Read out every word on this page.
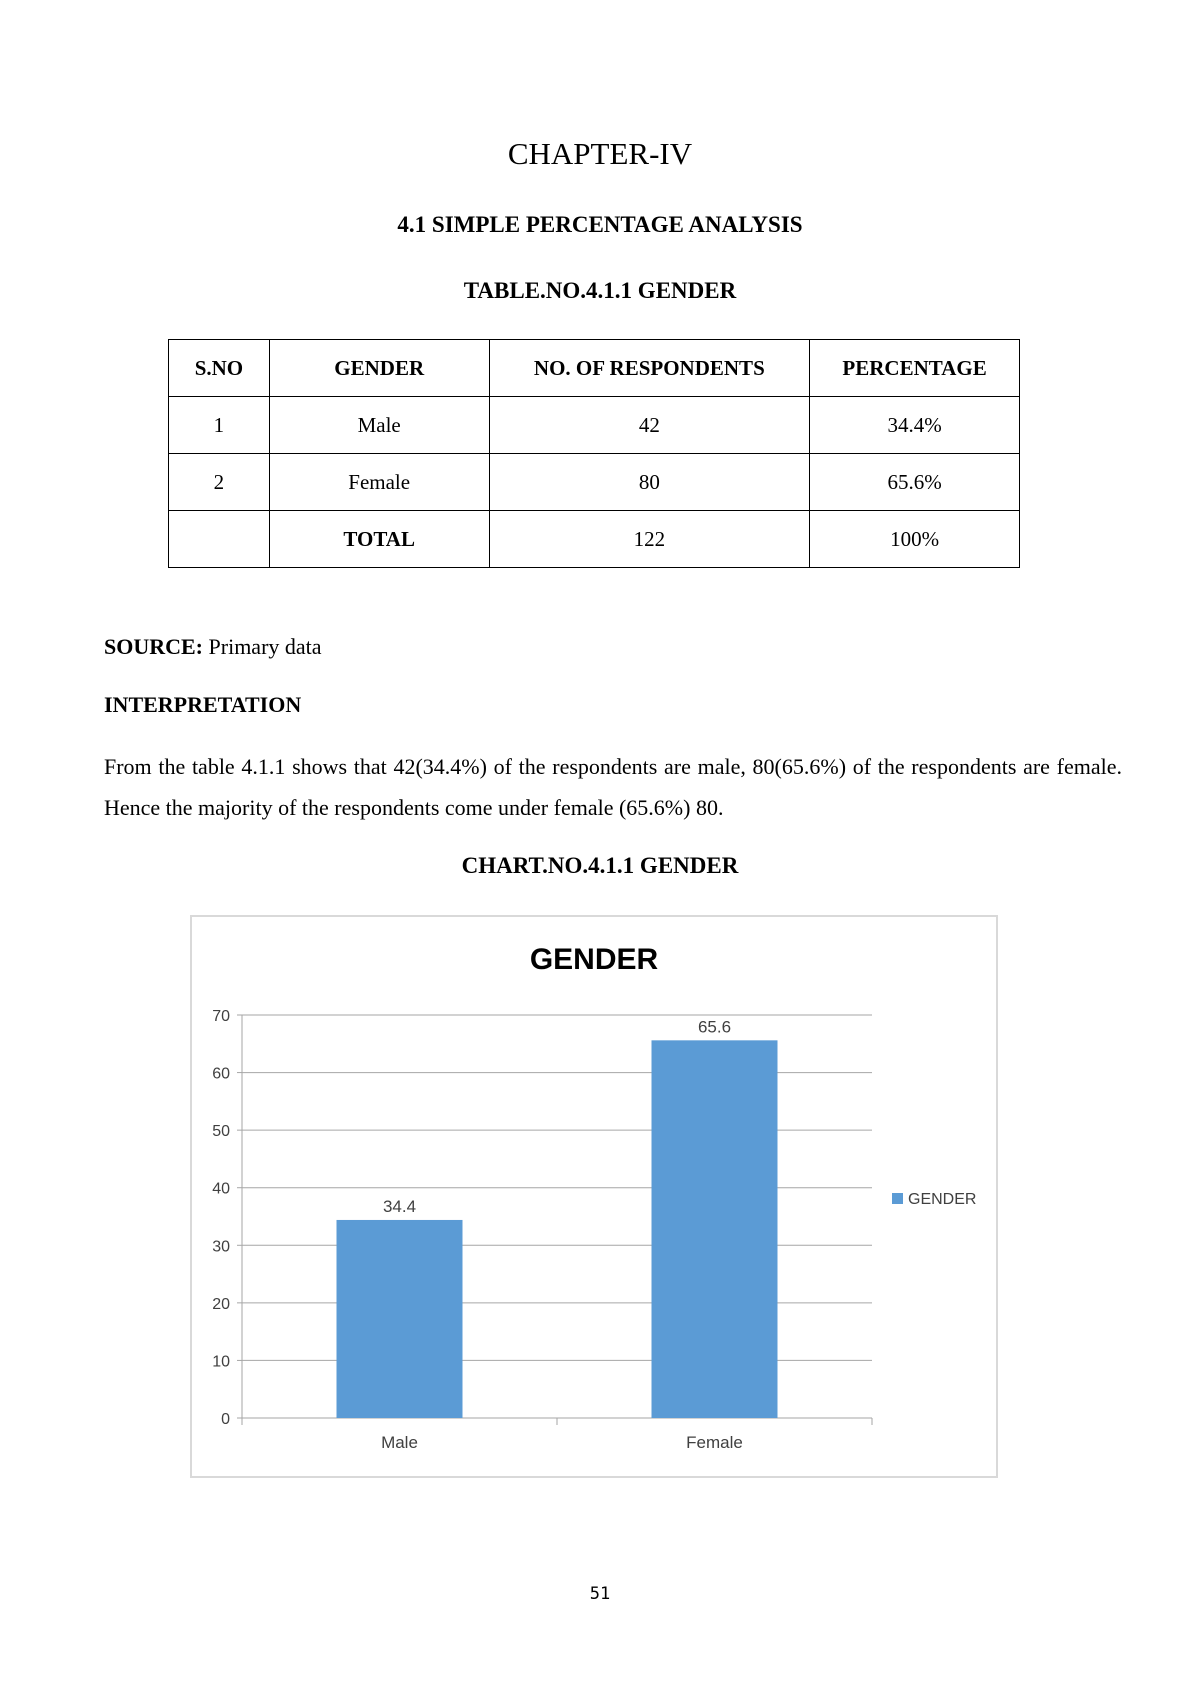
CHAPTER-IV
4.1 SIMPLE PERCENTAGE ANALYSIS
TABLE.NO.4.1.1 GENDER
S.NO	GENDER	NO. OF RESPONDENTS	PERCENTAGE
1	Male	42	34.4%
2	Female	80	65.6%
	TOTAL	122	100%
SOURCE: Primary data
INTERPRETATION
From the table 4.1.1 shows that 42(34.4%) of the respondents are male, 80(65.6%) of the respondents are female. Hence the majority of the respondents come under female (65.6%) 80.
CHART.NO.4.1.1 GENDER
GENDER
0
10
20
30
40
50
60
70
34.4
Male
65.6
Female
GENDER
51
